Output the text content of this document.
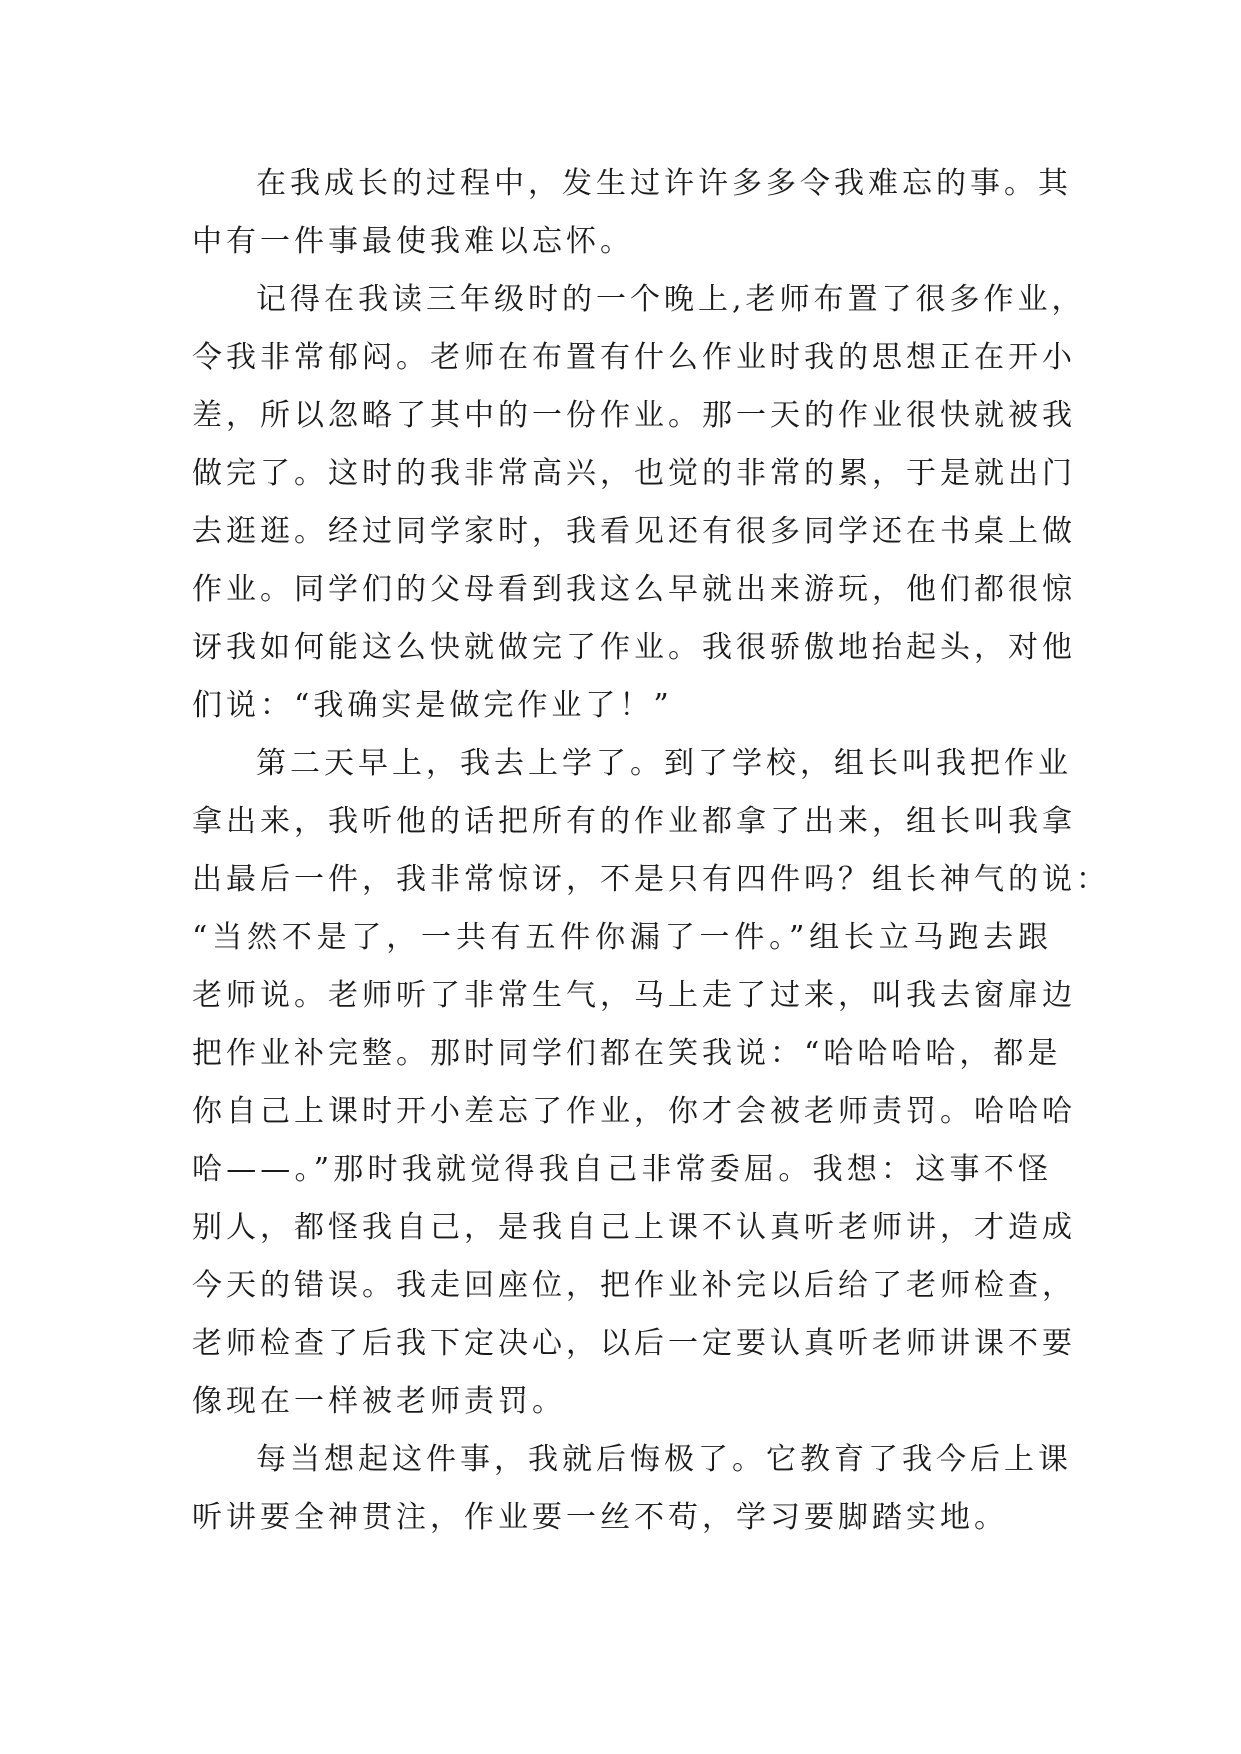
在我成长的过程中，发生过许许多多令我难忘的事。其
中有一件事最使我难以忘怀。

记得在我读三年级时的一个晚上,老师布置了很多作业，
令我非常郁闷。老师在布置有什么作业时我的思想正在开小
差，所以忽略了其中的一份作业。那一天的作业很快就被我
做完了。这时的我非常高兴，也觉的非常的累，于是就出门
去逛逛。经过同学家时，我看见还有很多同学还在书桌上做
作业。同学们的父母看到我这么早就出来游玩，他们都很惊
讶我如何能这么快就做完了作业。我很骄傲地抬起头，对他
们说：“我确实是做完作业了！”

第二天早上，我去上学了。到了学校，组长叫我把作业
拿出来，我听他的话把所有的作业都拿了出来，组长叫我拿
出最后一件，我非常惊讶，不是只有四件吗？组长神气的说：
“当然不是了，一共有五件你漏了一件。”组长立马跑去跟
老师说。老师听了非常生气，马上走了过来，叫我去窗扉边
把作业补完整。那时同学们都在笑我说：“哈哈哈哈，都是
你自己上课时开小差忘了作业，你才会被老师责罚。哈哈哈
哈——。”那时我就觉得我自己非常委屈。我想：这事不怪
别人，都怪我自己，是我自己上课不认真听老师讲，才造成
今天的错误。我走回座位，把作业补完以后给了老师检查，
老师检查了后我下定决心，以后一定要认真听老师讲课不要
像现在一样被老师责罚。

每当想起这件事，我就后悔极了。它教育了我今后上课
听讲要全神贯注，作业要一丝不苟，学习要脚踏实地。
